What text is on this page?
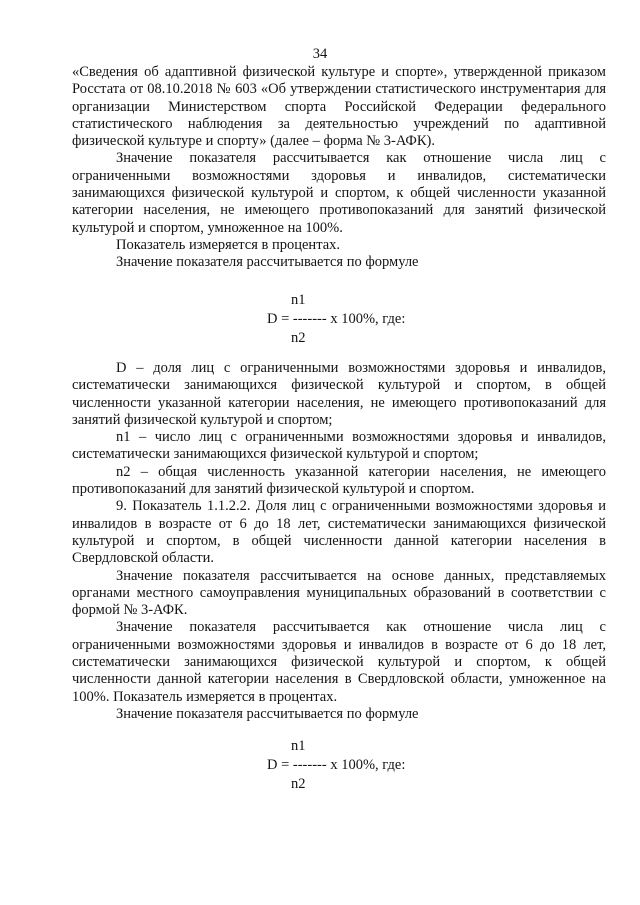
34

«Сведения об адаптивной физической культуре и спорте», утвержденной приказом Росстата от 08.10.2018 № 603 «Об утверждении статистического инструментария для организации Министерством спорта Российской Федерации федерального статистического наблюдения за деятельностью учреждений по адаптивной физической культуре и спорту» (далее – форма № 3-АФК).

Значение показателя рассчитывается как отношение числа лиц с ограниченными возможностями здоровья и инвалидов, систематически занимающихся физической культурой и спортом, к общей численности указанной категории населения, не имеющего противопоказаний для занятий физической культурой и спортом, умноженное на 100%.

Показатель измеряется в процентах.

Значение показателя рассчитывается по формуле

n1
D = ------- х 100%, где:
n2

D – доля лиц с ограниченными возможностями здоровья и инвалидов, систематически занимающихся физической культурой и спортом, в общей численности указанной категории населения, не имеющего противопоказаний для занятий физической культурой и спортом;

n1 – число лиц с ограниченными возможностями здоровья и инвалидов, систематически занимающихся физической культурой и спортом;

n2 – общая численность указанной категории населения, не имеющего противопоказаний для занятий физической культурой и спортом.

9. Показатель 1.1.2.2. Доля лиц с ограниченными возможностями здоровья и инвалидов в возрасте от 6 до 18 лет, систематически занимающихся физической культурой и спортом, в общей численности данной категории населения в Свердловской области.

Значение показателя рассчитывается на основе данных, представляемых органами местного самоуправления муниципальных образований в соответствии с формой № 3-АФК.

Значение показателя рассчитывается как отношение числа лиц с ограниченными возможностями здоровья и инвалидов в возрасте от 6 до 18 лет, систематически занимающихся физической культурой и спортом, к общей численности данной категории населения в Свердловской области, умноженное на 100%. Показатель измеряется в процентах.

Значение показателя рассчитывается по формуле

n1
D = ------- х 100%, где:
n2
